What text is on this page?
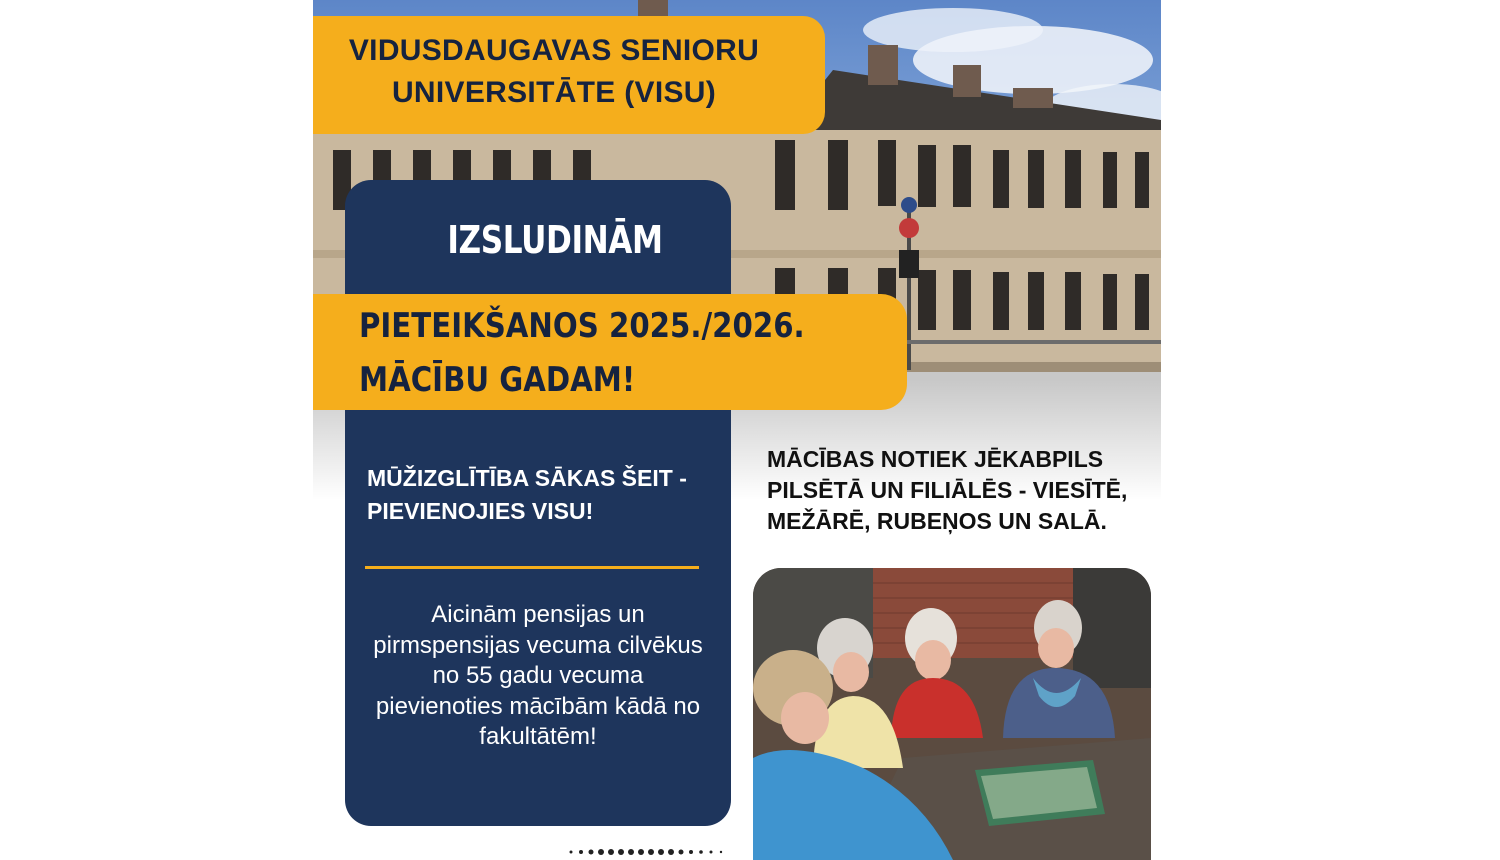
VIDUSDAUGAVAS SENIORU
UNIVERSITĀTE (VISU)
IZSLUDINĀM
PIETEIKŠANOS 2025./2026.
MĀCĪBU GADAM!
MŪŽIZGLĪTĪBA SĀKAS ŠEIT -
PIEVIENOJIES VISU!
Aicinām pensijas un
pirmspensijas vecuma cilvēkus
no 55 gadu vecuma
pievienoties mācībām kādā no
fakultātēm!
MĀCĪBAS NOTIEK JĒKABPILS
PILSĒTĀ UN FILIĀLĒS - VIESĪTĒ,
MEŽĀRĒ, RUBEŅOS UN SALĀ.
